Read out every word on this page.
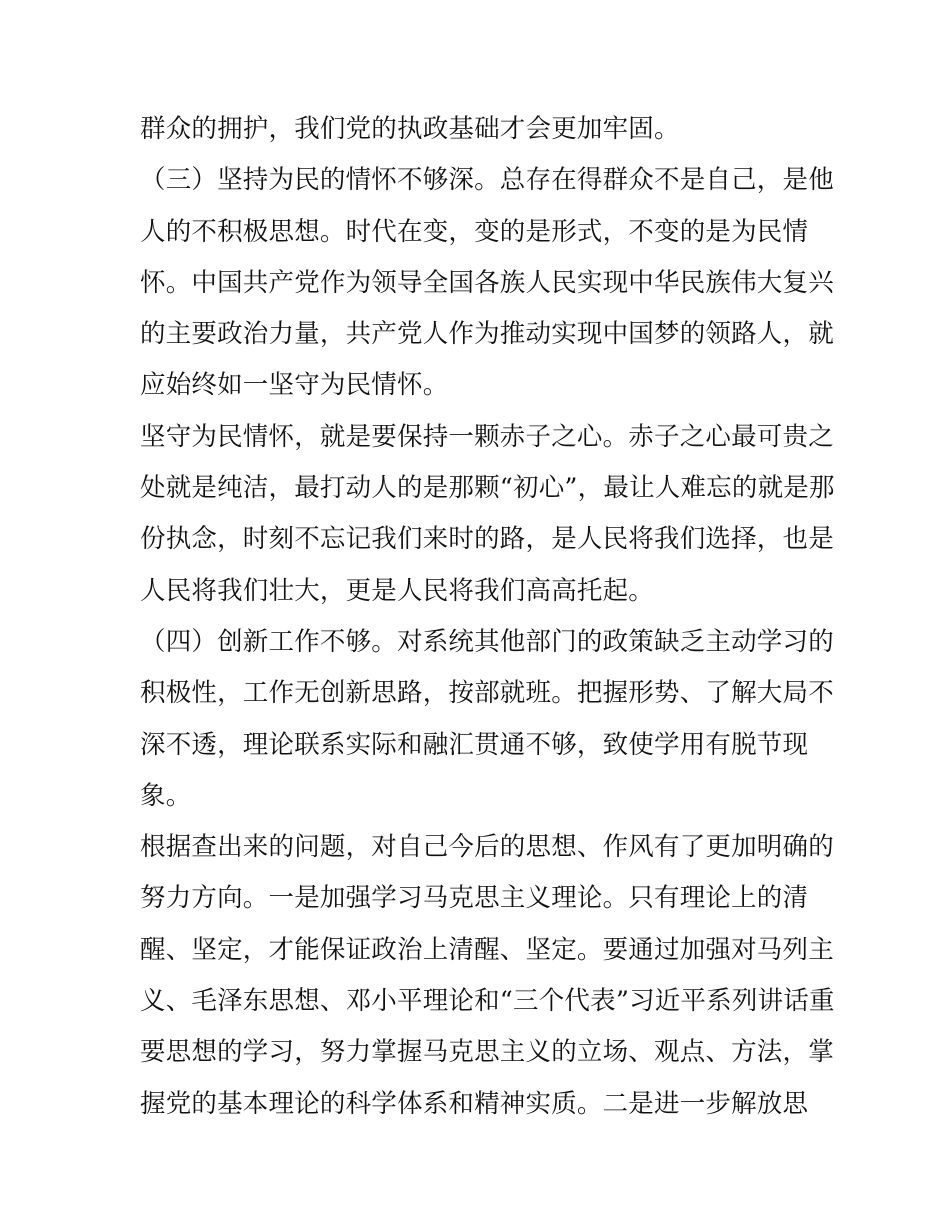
群众的拥护，我们党的执政基础才会更加牢固。
（三）坚持为民的情怀不够深。总存在得群众不是自己，是他
人的不积极思想。时代在变，变的是形式，不变的是为民情
怀。中国共产党作为领导全国各族人民实现中华民族伟大复兴
的主要政治力量，共产党人作为推动实现中国梦的领路人，就
应始终如一坚守为民情怀。
坚守为民情怀，就是要保持一颗赤子之心。赤子之心最可贵之
处就是纯洁，最打动人的是那颗“初心”，最让人难忘的就是那
份执念，时刻不忘记我们来时的路，是人民将我们选择，也是
人民将我们壮大，更是人民将我们高高托起。
（四）创新工作不够。对系统其他部门的政策缺乏主动学习的
积极性，工作无创新思路，按部就班。把握形势、了解大局不
深不透，理论联系实际和融汇贯通不够，致使学用有脱节现
象。
根据查出来的问题，对自己今后的思想、作风有了更加明确的
努力方向。一是加强学习马克思主义理论。只有理论上的清
醒、坚定，才能保证政治上清醒、坚定。要通过加强对马列主
义、毛泽东思想、邓小平理论和“三个代表”习近平系列讲话重
要思想的学习，努力掌握马克思主义的立场、观点、方法，掌
握党的基本理论的科学体系和精神实质。二是进一步解放思
